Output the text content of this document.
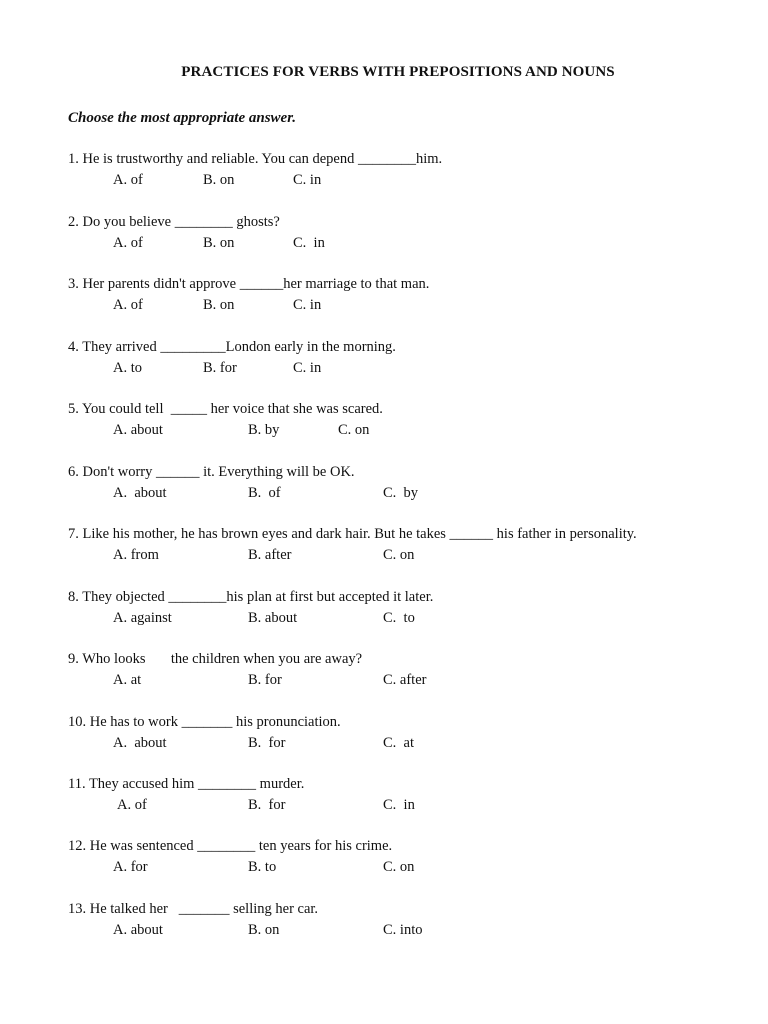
PRACTICES FOR VERBS WITH PREPOSITIONS AND NOUNS
Choose the most appropriate answer.
1. He is trustworthy and reliable. You can depend ________him.
A. of	B. on	C. in
2. Do you believe ________ ghosts?
A. of	B. on	C.  in
3. Her parents didn't approve ______her marriage to that man.
A. of	B. on	C. in
4. They arrived _________London early in the morning.
A. to	B. for	C. in
5. You could tell  _____ her voice that she was scared.
A. about	B. by	C. on
6. Don't worry ______ it. Everything will be OK.
A.  about	B.  of	C.  by
7. Like his mother, he has brown eyes and dark hair. But he takes ______ his father in personality.
A. from	B. after	C. on
8. They objected ________his plan at first but accepted it later.
A. against	B. about	C.  to
9. Who looks       the children when you are away?
A. at	B. for	C. after
10. He has to work _______ his pronunciation.
A.  about	B.  for	C.  at
11. They accused him ________ murder.
A. of	B.  for	C.  in
12. He was sentenced ________ ten years for his crime.
A. for	B. to	C. on
13. He talked her   _______ selling her car.
A. about	B. on	C. into
